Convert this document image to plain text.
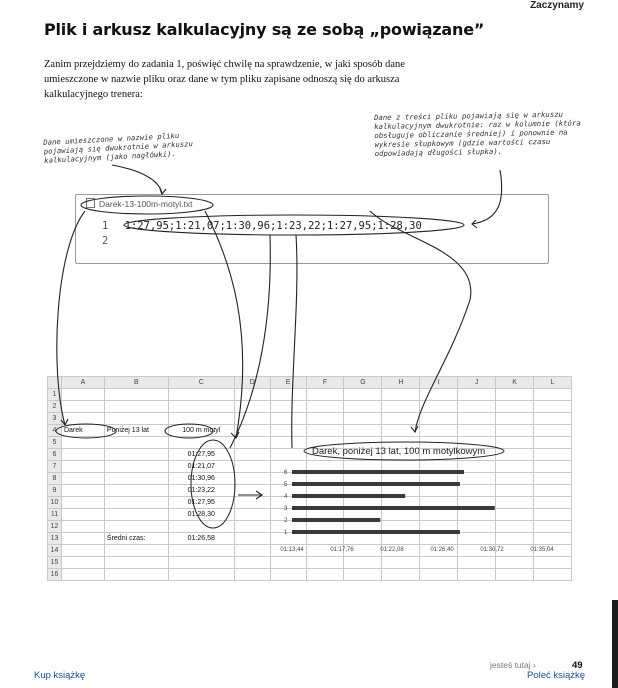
Zaczynamy
Plik i arkusz kalkulacyjny są ze sobą „powiązane”
Zanim przejdziemy do zadania 1, poświęć chwilę na sprawdzenie, w jaki sposób dane umieszczone w nazwie pliku oraz dane w tym pliku zapisane odnoszą się do arkusza kalkulacyjnego trenera:
Dane umieszczone w nazwie pliku pojawiają się dwukrotnie w arkuszu kalkulacyjnym (jako nagłówki).
Dane z treści pliku pojawiają się w arkuszu kalkulacyjnym dwukrotnie: raz w kolumnie (która obsługuje obliczanie średniej) i ponownie na wykresie słupkowym (gdzie wartości czasu odpowiadają długości słupka).
Darek-13-100m-motyl.txt
1 1:27,95;1:21,07;1:30,96;1:23,22;1:27,95;1:28,30
2
	A	B	C	D	E	F	G	H	I	J	K	L
1												
2												
3												
4	Darek	Poniżej 13 lat	100 m motyl									
5												
6			01:27,95									
7			01:21,07									
8			01:30,96									
9			01:23,22									
10			01:27,95									
11			01:28,30									
12												
13		Średni czas:	01:26,58									
14												
15												
16												
Darek, poniżej 13 lat, 100 m motylkowym
1
2
3
4
5
6
01:13,44	01:17,76	01:22,08	01:26,40	01:30,72	01:35,04
Kup książkę
jesteś tutaj ›	49
Poleć książkę
